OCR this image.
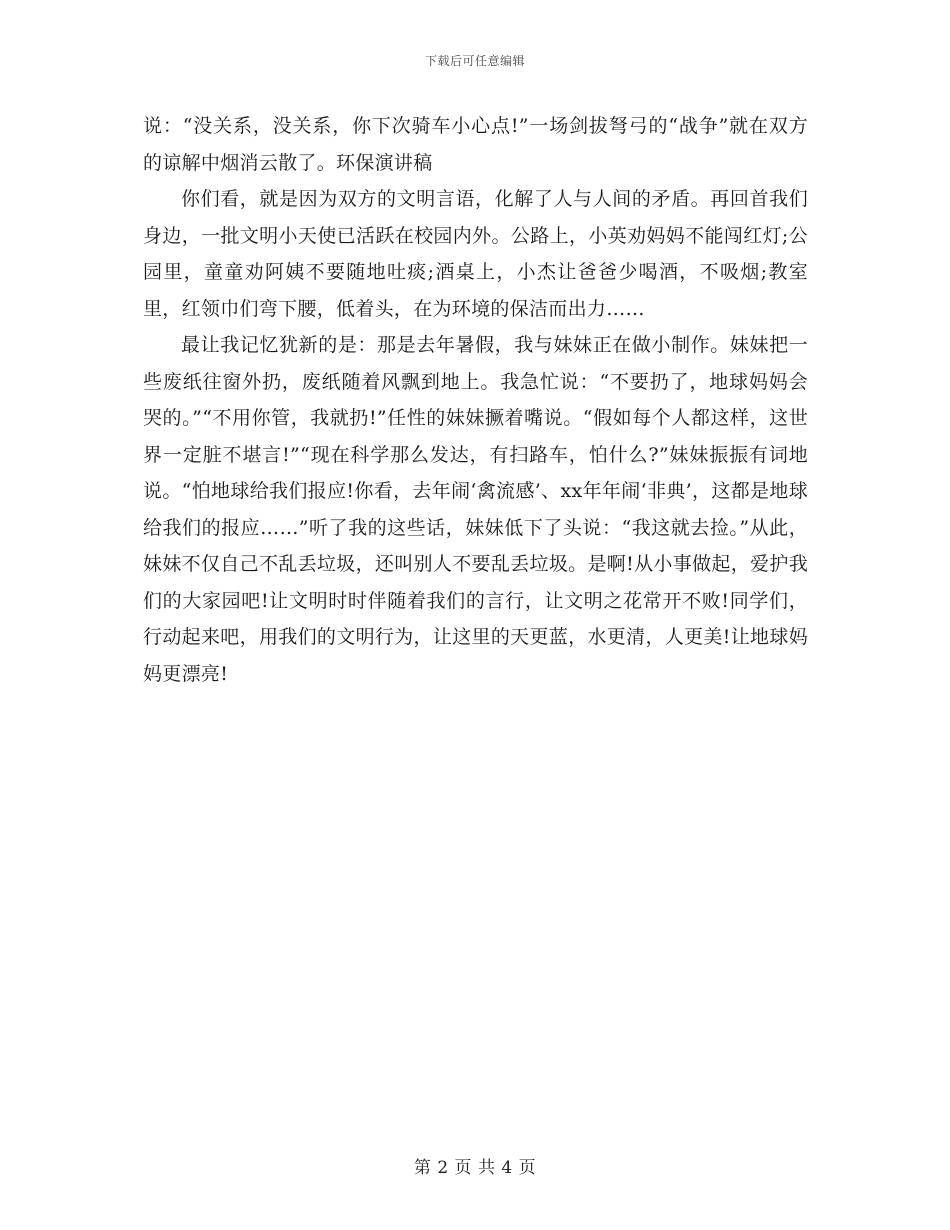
下载后可任意编辑

说：“没关系，没关系，你下次骑车小心点!”一场剑拔弩弓的“战争”就在双方的谅解中烟消云散了。环保演讲稿

你们看，就是因为双方的文明言语，化解了人与人间的矛盾。再回首我们身边，一批文明小天使已活跃在校园内外。公路上，小英劝妈妈不能闯红灯;公园里，童童劝阿姨不要随地吐痰;酒桌上，小杰让爸爸少喝酒，不吸烟;教室里，红领巾们弯下腰，低着头，在为环境的保洁而出力……

最让我记忆犹新的是：那是去年暑假，我与妹妹正在做小制作。妹妹把一些废纸往窗外扔，废纸随着风飘到地上。我急忙说：“不要扔了，地球妈妈会哭的。”“不用你管，我就扔!”任性的妹妹撅着嘴说。“假如每个人都这样，这世界一定脏不堪言!”“现在科学那么发达，有扫路车，怕什么?”妹妹振振有词地说。“怕地球给我们报应!你看，去年闹‘禽流感’、xx年年闹‘非典’，这都是地球给我们的报应……”听了我的这些话，妹妹低下了头说：“我这就去捡。”从此，妹妹不仅自己不乱丢垃圾，还叫别人不要乱丢垃圾。是啊!从小事做起，爱护我们的大家园吧!让文明时时伴随着我们的言行，让文明之花常开不败!同学们，行动起来吧，用我们的文明行为，让这里的天更蓝，水更清，人更美!让地球妈妈更漂亮!

第 2 页 共 4 页
